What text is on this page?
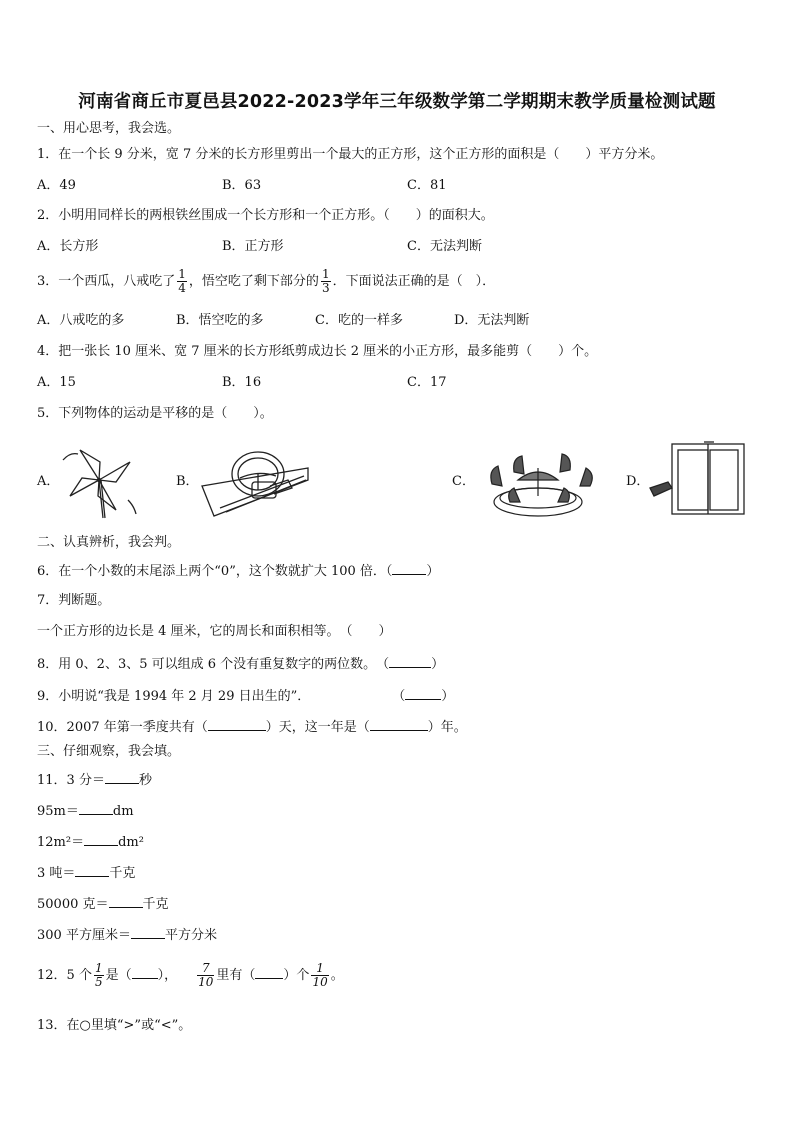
河南省商丘市夏邑县2022-2023学年三年级数学第二学期期末教学质量检测试题
一、用心思考，我会选。
1．在一个长 9 分米，宽 7 分米的长方形里剪出一个最大的正方形，这个正方形的面积是（　　）平方分米。
A．49	B．63	C．81
2．小明用同样长的两根铁丝围成一个长方形和一个正方形。（　　）的面积大。
A．长方形	B．正方形	C．无法判断
3．一个西瓜，八戒吃了 $\frac{1}{4}$ ，悟空吃了剩下部分的 $\frac{1}{3}$ ．下面说法正确的是（　）．
A．八戒吃的多	B．悟空吃的多	C．吃的一样多	D．无法判断
4．把一张长 10 厘米、宽 7 厘米的长方形纸剪成边长 2 厘米的小正方形，最多能剪（　　）个。
A．15	B．16	C．17
5．下列物体的运动是平移的是（　　）。
A．	B．	C．	D．
二、认真辨析，我会判。
6．在一个小数的末尾添上两个“0”，这个数就扩大 100 倍．（	）
7．判断题。
一个正方形的边长是 4 厘米，它的周长和面积相等。　（　　）
8．用 0、2、3、5 可以组成 6 个没有重复数字的两位数。　（	）
9．小明说“我是 1994 年 2 月 29 日出生的”．	（	）
10．2007 年第一季度共有（	）天，这一年是（	）年。
三、仔细观察，我会填。
11．3 分＝	秒
95m＝	dm
12m²＝	dm²
3 吨＝	千克
50000 克＝	千克
300 平方厘米＝	平方分米
12．5 个 $\frac{1}{5}$ 是（ ）， $\frac{7}{10}$ 里有（ ）个 $\frac{1}{10}$ 。
13．在○里填“>”或“<”。
